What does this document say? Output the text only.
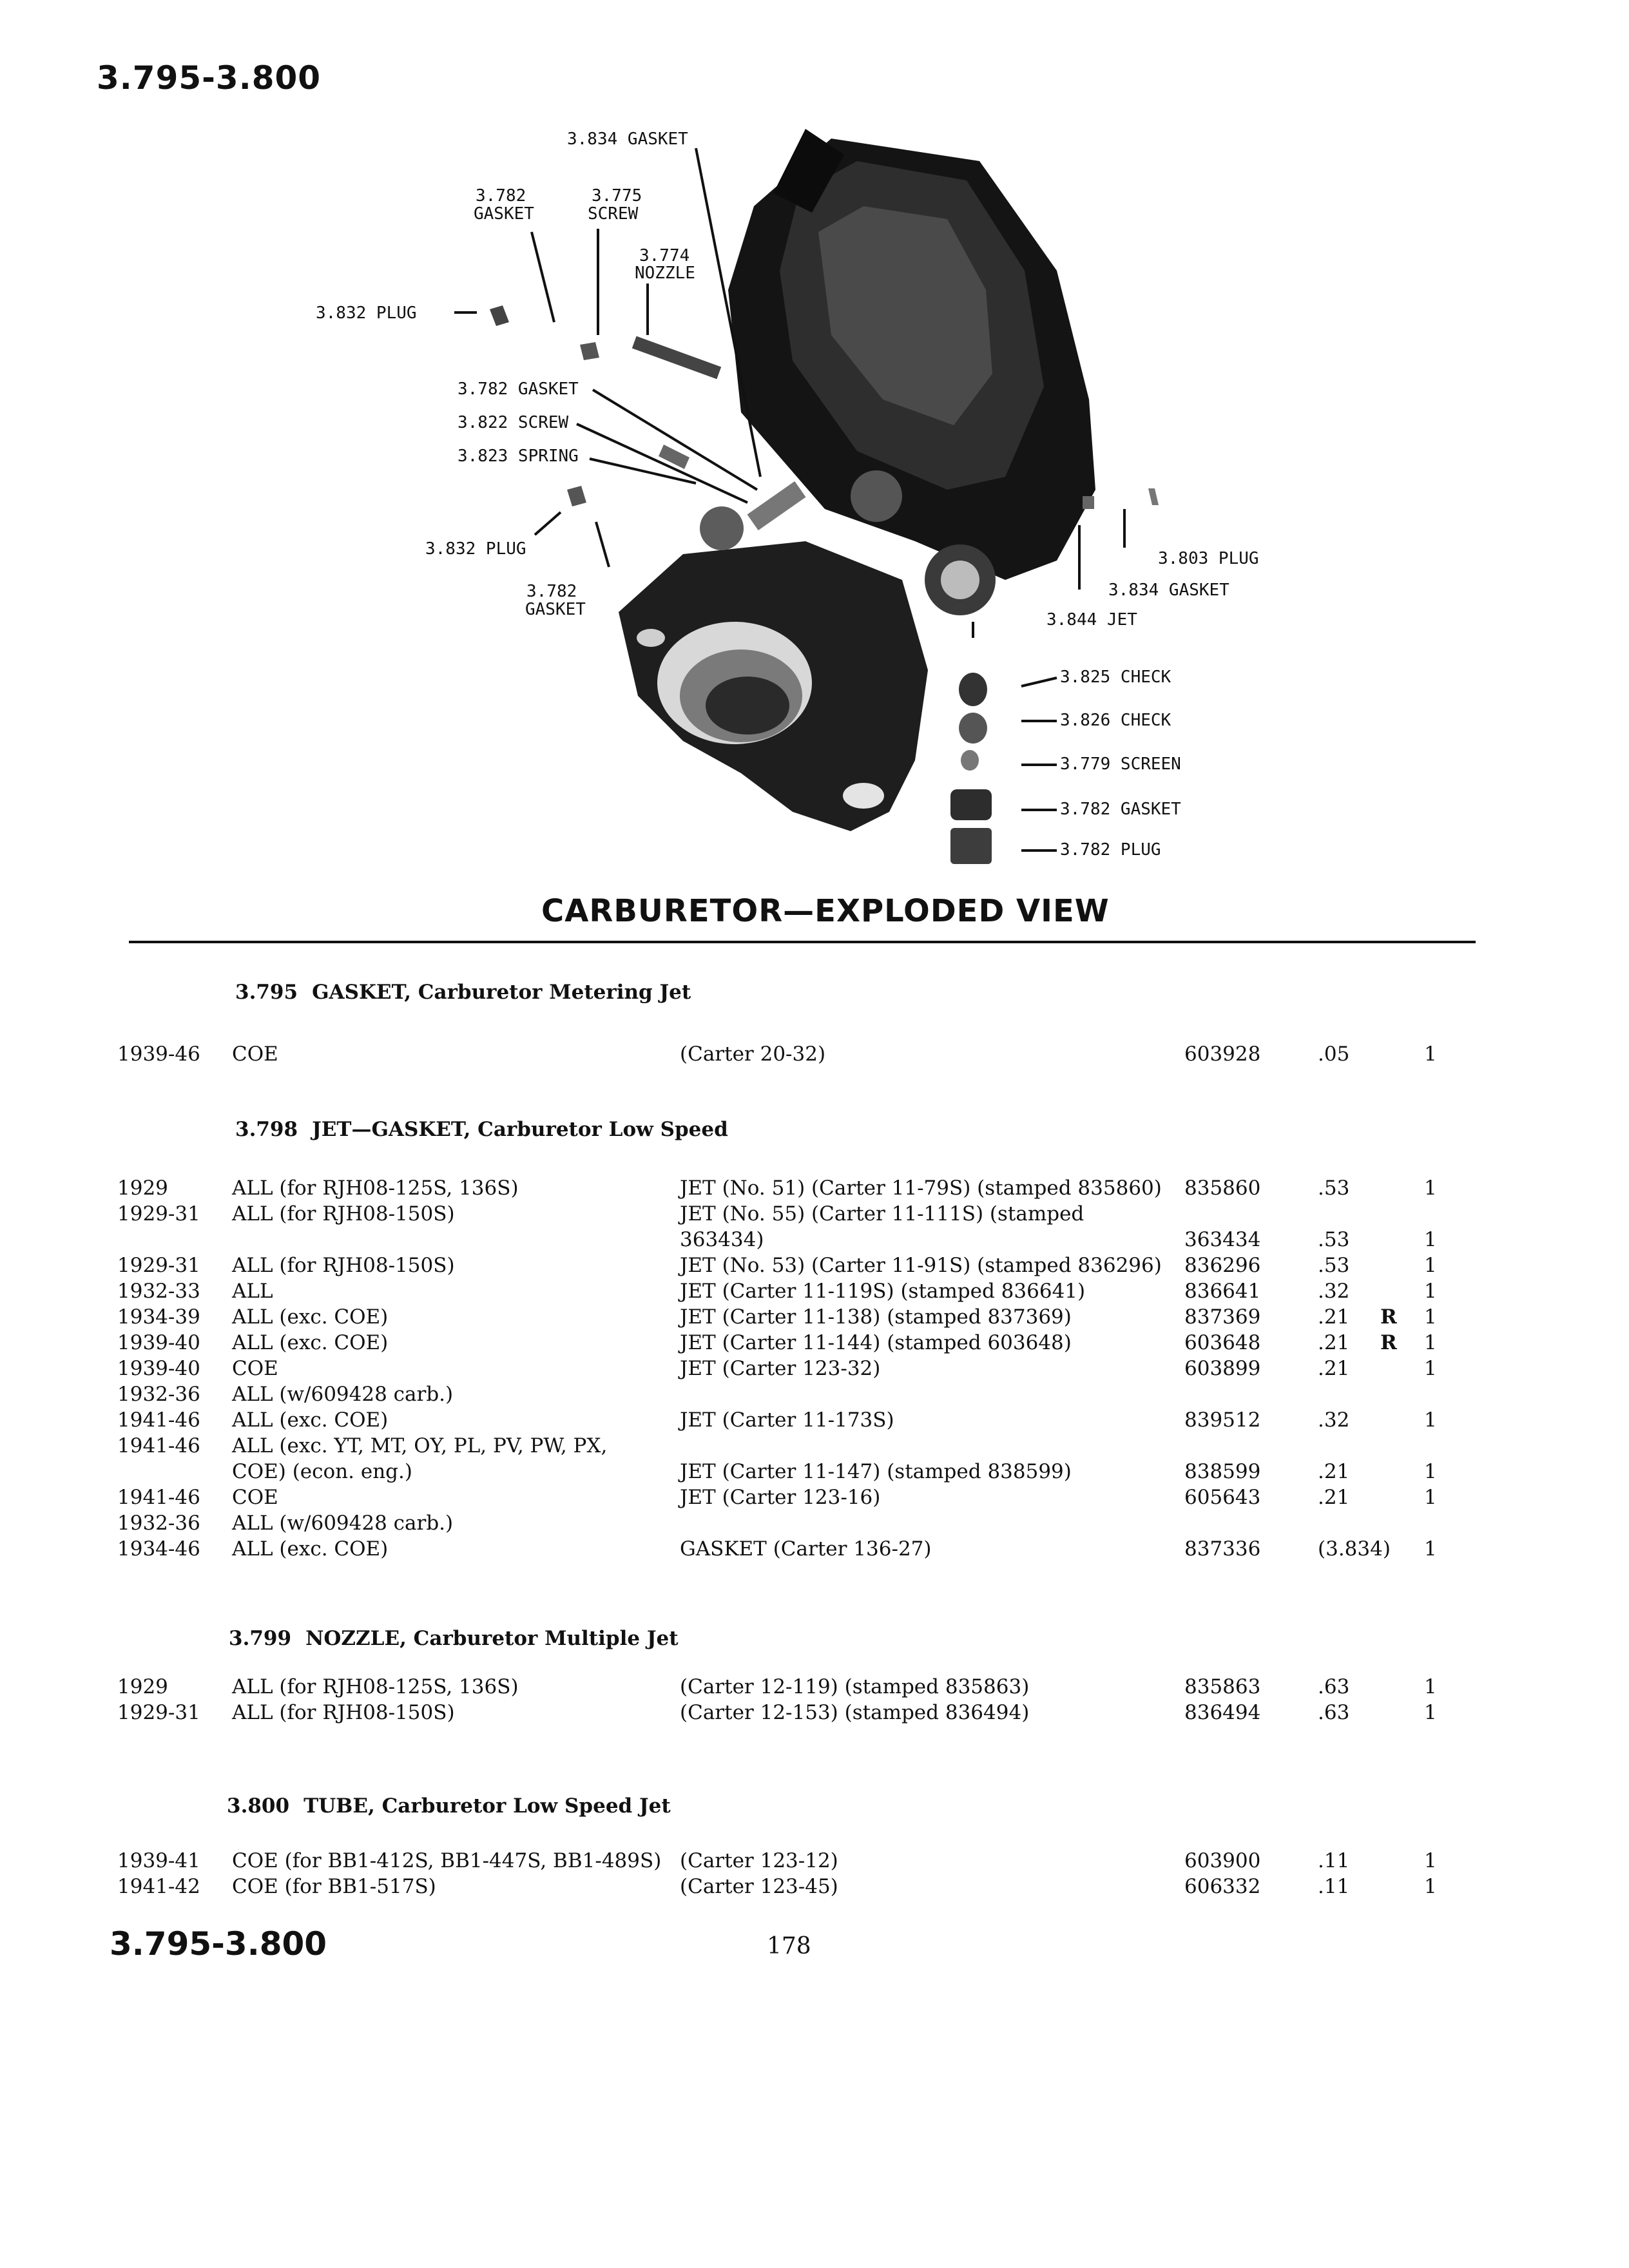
3.795-3.800
3.834 GASKET
3.782
GASKET
3.775
SCREW
3.774
NOZZLE
3.832 PLUG
3.782 GASKET
3.822 SCREW
3.823 SPRING
3.832 PLUG
3.782
GASKET
3.803 PLUG
3.834 GASKET
3.844 JET
3.825 CHECK
3.826 CHECK
3.779 SCREEN
3.782 GASKET
3.782 PLUG
CARBURETOR—EXPLODED VIEW
3.795 GASKET, Carburetor Metering Jet
1939-46 COE	(Carter 20-32)	603928	.05	1
3.798 JET—GASKET, Carburetor Low Speed
1929	ALL (for RJH08-125S, 136S)	JET (No. 51) (Carter 11-79S) (stamped 835860) 835860	.53	1
1929-31 ALL (for RJH08-150S)	JET (No. 55) (Carter 11-111S) (stamped
363434)	363434	.53	1
1929-31 ALL (for RJH08-150S)	JET (No. 53) (Carter 11-91S) (stamped 836296) 836296	.53	1
1932-33 ALL	JET (Carter 11-119S) (stamped 836641)	836641	.32	1
1934-39 ALL (exc. COE)	JET (Carter 11-138) (stamped 837369)	837369	.21 R 1
1939-40 ALL (exc. COE)	JET (Carter 11-144) (stamped 603648)	603648	.21 R 1
1939-40 COE	JET (Carter 123-32)	603899	.21	1
1932-36 ALL (w/609428 carb.)
1941-46 ALL (exc. COE)	JET (Carter 11-173S)	839512	.32	1
1941-46 ALL (exc. YT, MT, OY, PL, PV, PW, PX,
COE) (econ. eng.)	JET (Carter 11-147) (stamped 838599)	838599	.21	1
1941-46 COE	JET (Carter 123-16)	605643	.21	1
1932-36 ALL (w/609428 carb.)
1934-46 ALL (exc. COE)	GASKET (Carter 136-27)	837336	(3.834) 1
3.799 NOZZLE, Carburetor Multiple Jet
1929	ALL (for RJH08-125S, 136S)	(Carter 12-119) (stamped 835863)	835863	.63	1
1929-31 ALL (for RJH08-150S)	(Carter 12-153) (stamped 836494)	836494	.63	1
3.800 TUBE, Carburetor Low Speed Jet
1939-41 COE (for BB1-412S, BB1-447S, BB1-489S) (Carter 123-12)	603900	.11	1
1941-42 COE (for BB1-517S)	(Carter 123-45)	606332	.11	1
3.795-3.800	178
